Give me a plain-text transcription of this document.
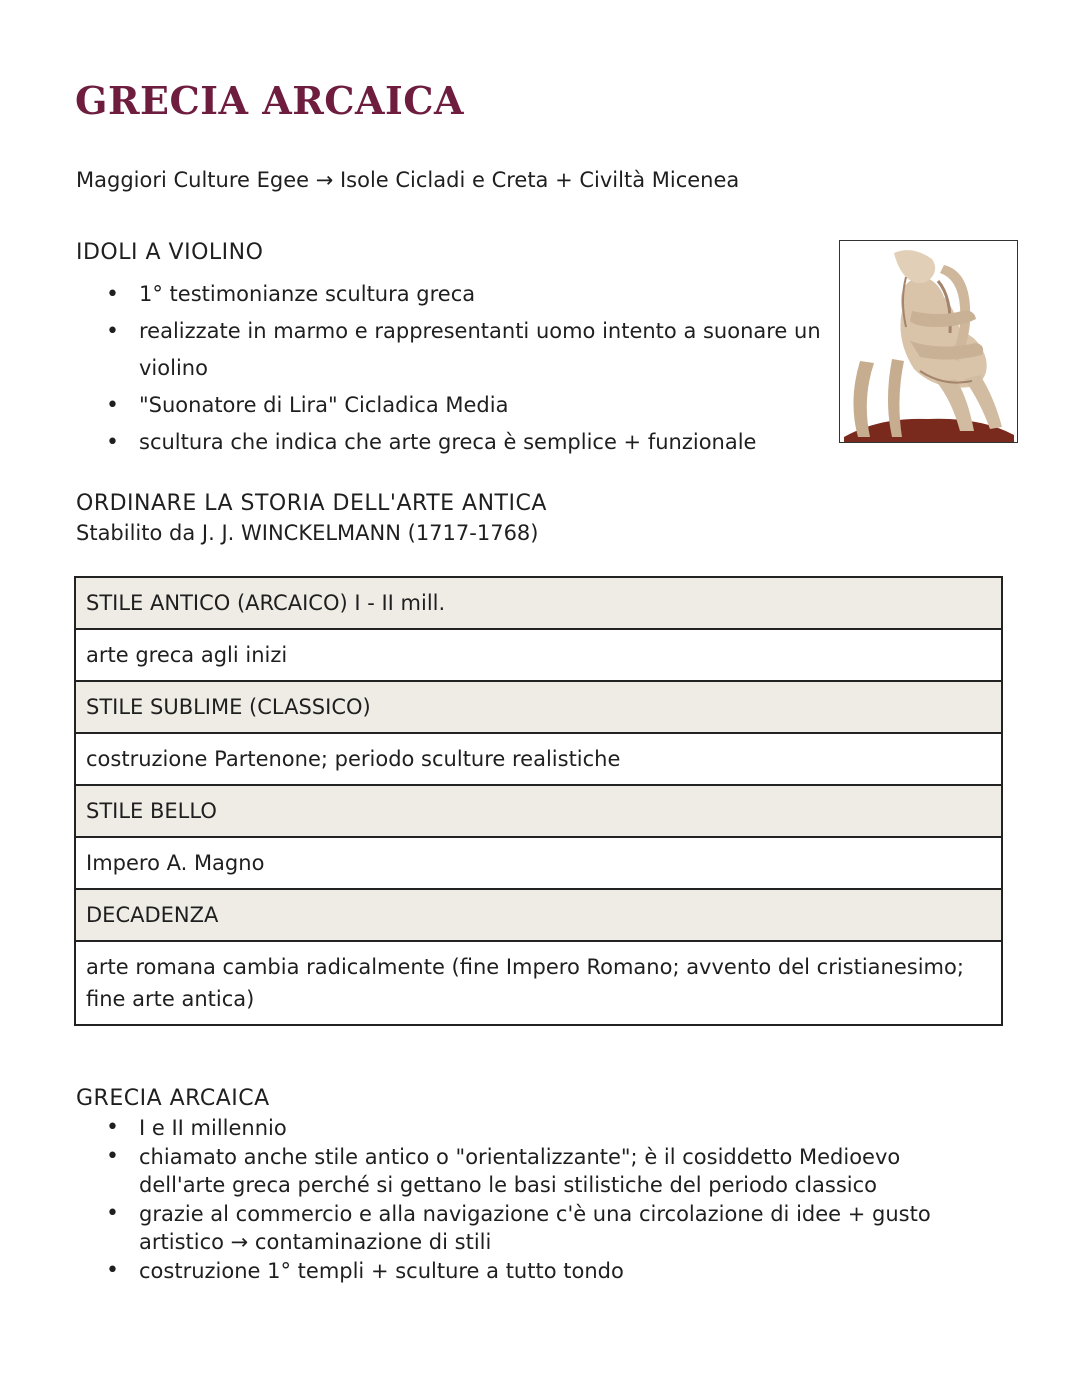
GRECIA ARCAICA
Maggiori Culture Egee → Isole Cicladi e Creta + Civiltà Micenea
IDOLI A VIOLINO
• 1° testimonianze scultura greca
• realizzate in marmo e rappresentanti uomo intento a suonare un violino
• "Suonatore di Lira" Cicladica Media
• scultura che indica che arte greca è semplice + funzionale
ORDINARE LA STORIA DELL'ARTE ANTICA
Stabilito da J. J. WINCKELMANN (1717-1768)
STILE ANTICO (ARCAICO) I - II mill.
arte greca agli inizi
STILE SUBLIME (CLASSICO)
costruzione Partenone; periodo sculture realistiche
STILE BELLO
Impero A. Magno
DECADENZA
arte romana cambia radicalmente (fine Impero Romano; avvento del cristianesimo; fine arte antica)
GRECIA ARCAICA
• I e II millennio
• chiamato anche stile antico o "orientalizzante"; è il cosiddetto Medioevo dell'arte greca perché si gettano le basi stilistiche del periodo classico
• grazie al commercio e alla navigazione c'è una circolazione di idee + gusto artistico → contaminazione di stili
• costruzione 1° templi + sculture a tutto tondo
